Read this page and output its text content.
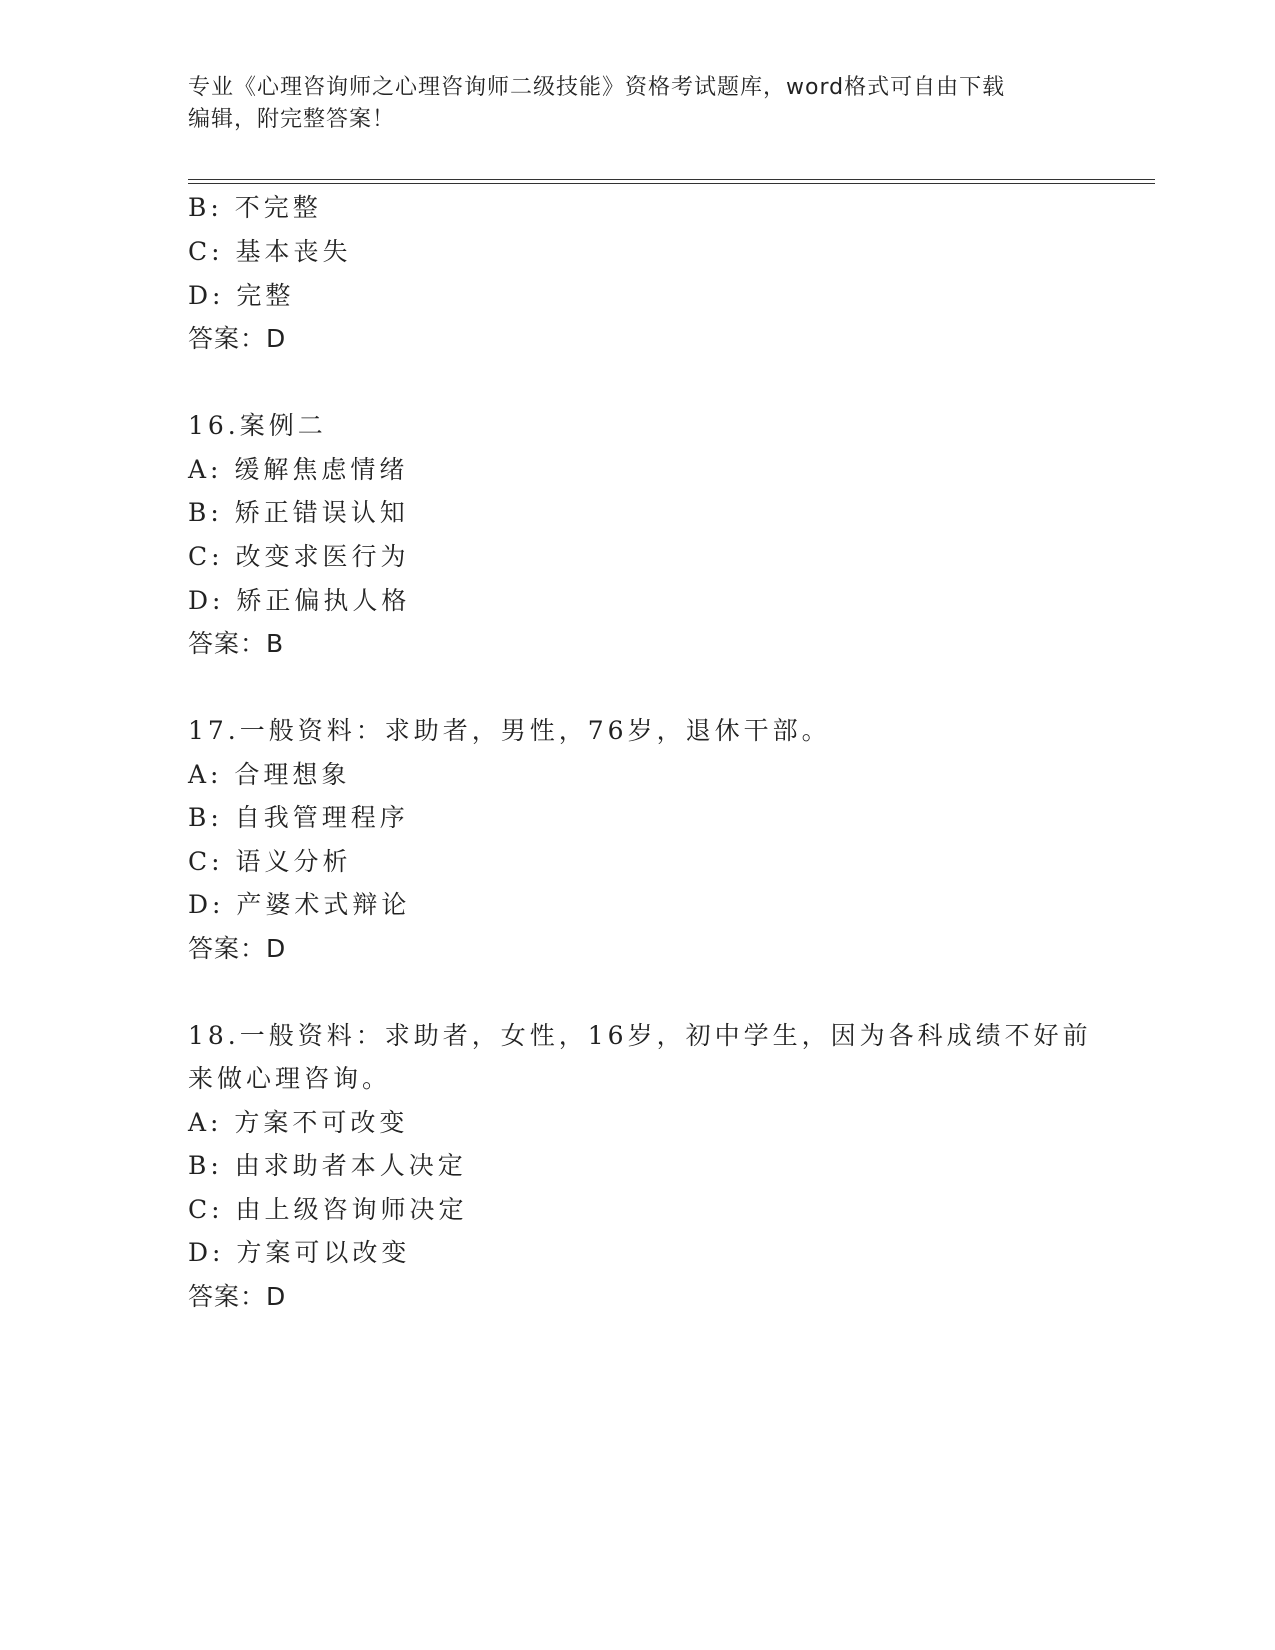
专业《心理咨询师之心理咨询师二级技能》资格考试题库，word格式可自由下载
编辑，附完整答案！
B: 不完整
C: 基本丧失
D: 完整
答案：D
16.案例二
A: 缓解焦虑情绪
B: 矫正错误认知
C: 改变求医行为
D: 矫正偏执人格
答案：B
17.一般资料：求助者，男性，76岁，退休干部。
A: 合理想象
B: 自我管理程序
C: 语义分析
D: 产婆术式辩论
答案：D
18.一般资料：求助者，女性，16岁，初中学生，因为各科成绩不好前
来做心理咨询。
A: 方案不可改变
B: 由求助者本人决定
C: 由上级咨询师决定
D: 方案可以改变
答案：D
